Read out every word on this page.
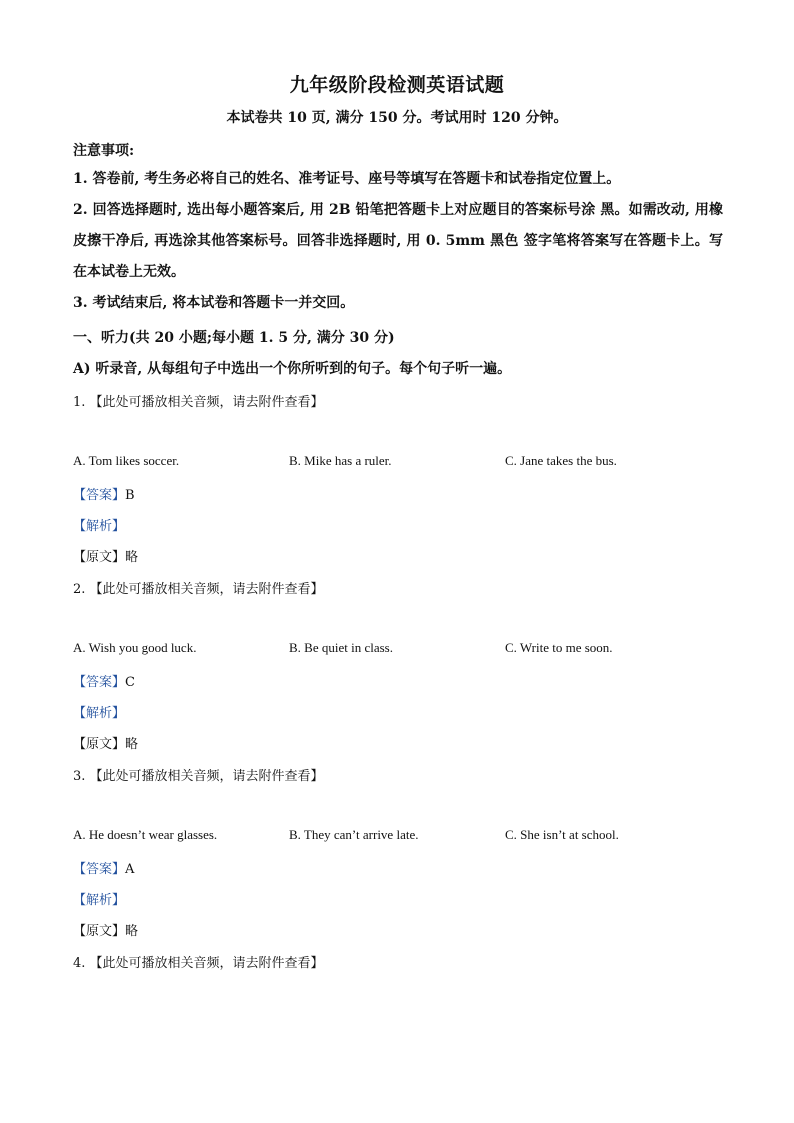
九年级阶段检测英语试题
本试卷共 10 页, 满分 150 分。考试用时 120 分钟。
注意事项:
1. 答卷前, 考生务必将自己的姓名、准考证号、座号等填写在答题卡和试卷指定位置上。
2. 回答选择题时, 选出每小题答案后, 用 2B 铅笔把答题卡上对应题目的答案标号涂 黑。如需改动, 用橡皮擦干净后, 再选涂其他答案标号。回答非选择题时, 用 0. 5mm 黑色 签字笔将答案写在答题卡上。写在本试卷上无效。
3. 考试结束后, 将本试卷和答题卡一并交回。
一、听力(共 20 小题;每小题 1. 5 分, 满分 30 分)
A) 听录音, 从每组句子中选出一个你所听到的句子。每个句子听一遍。
1. 【此处可播放相关音频，请去附件查看】
A. Tom likes soccer.	B. Mike has a ruler.	C. Jane takes the bus.
【答案】B
【解析】
【原文】略
2. 【此处可播放相关音频，请去附件查看】
A. Wish you good luck.	B. Be quiet in class.	C. Write to me soon.
【答案】C
【解析】
【原文】略
3. 【此处可播放相关音频，请去附件查看】
A. He doesn’t wear glasses.	B. They can’t arrive late.	C. She isn’t at school.
【答案】A
【解析】
【原文】略
4. 【此处可播放相关音频，请去附件查看】
